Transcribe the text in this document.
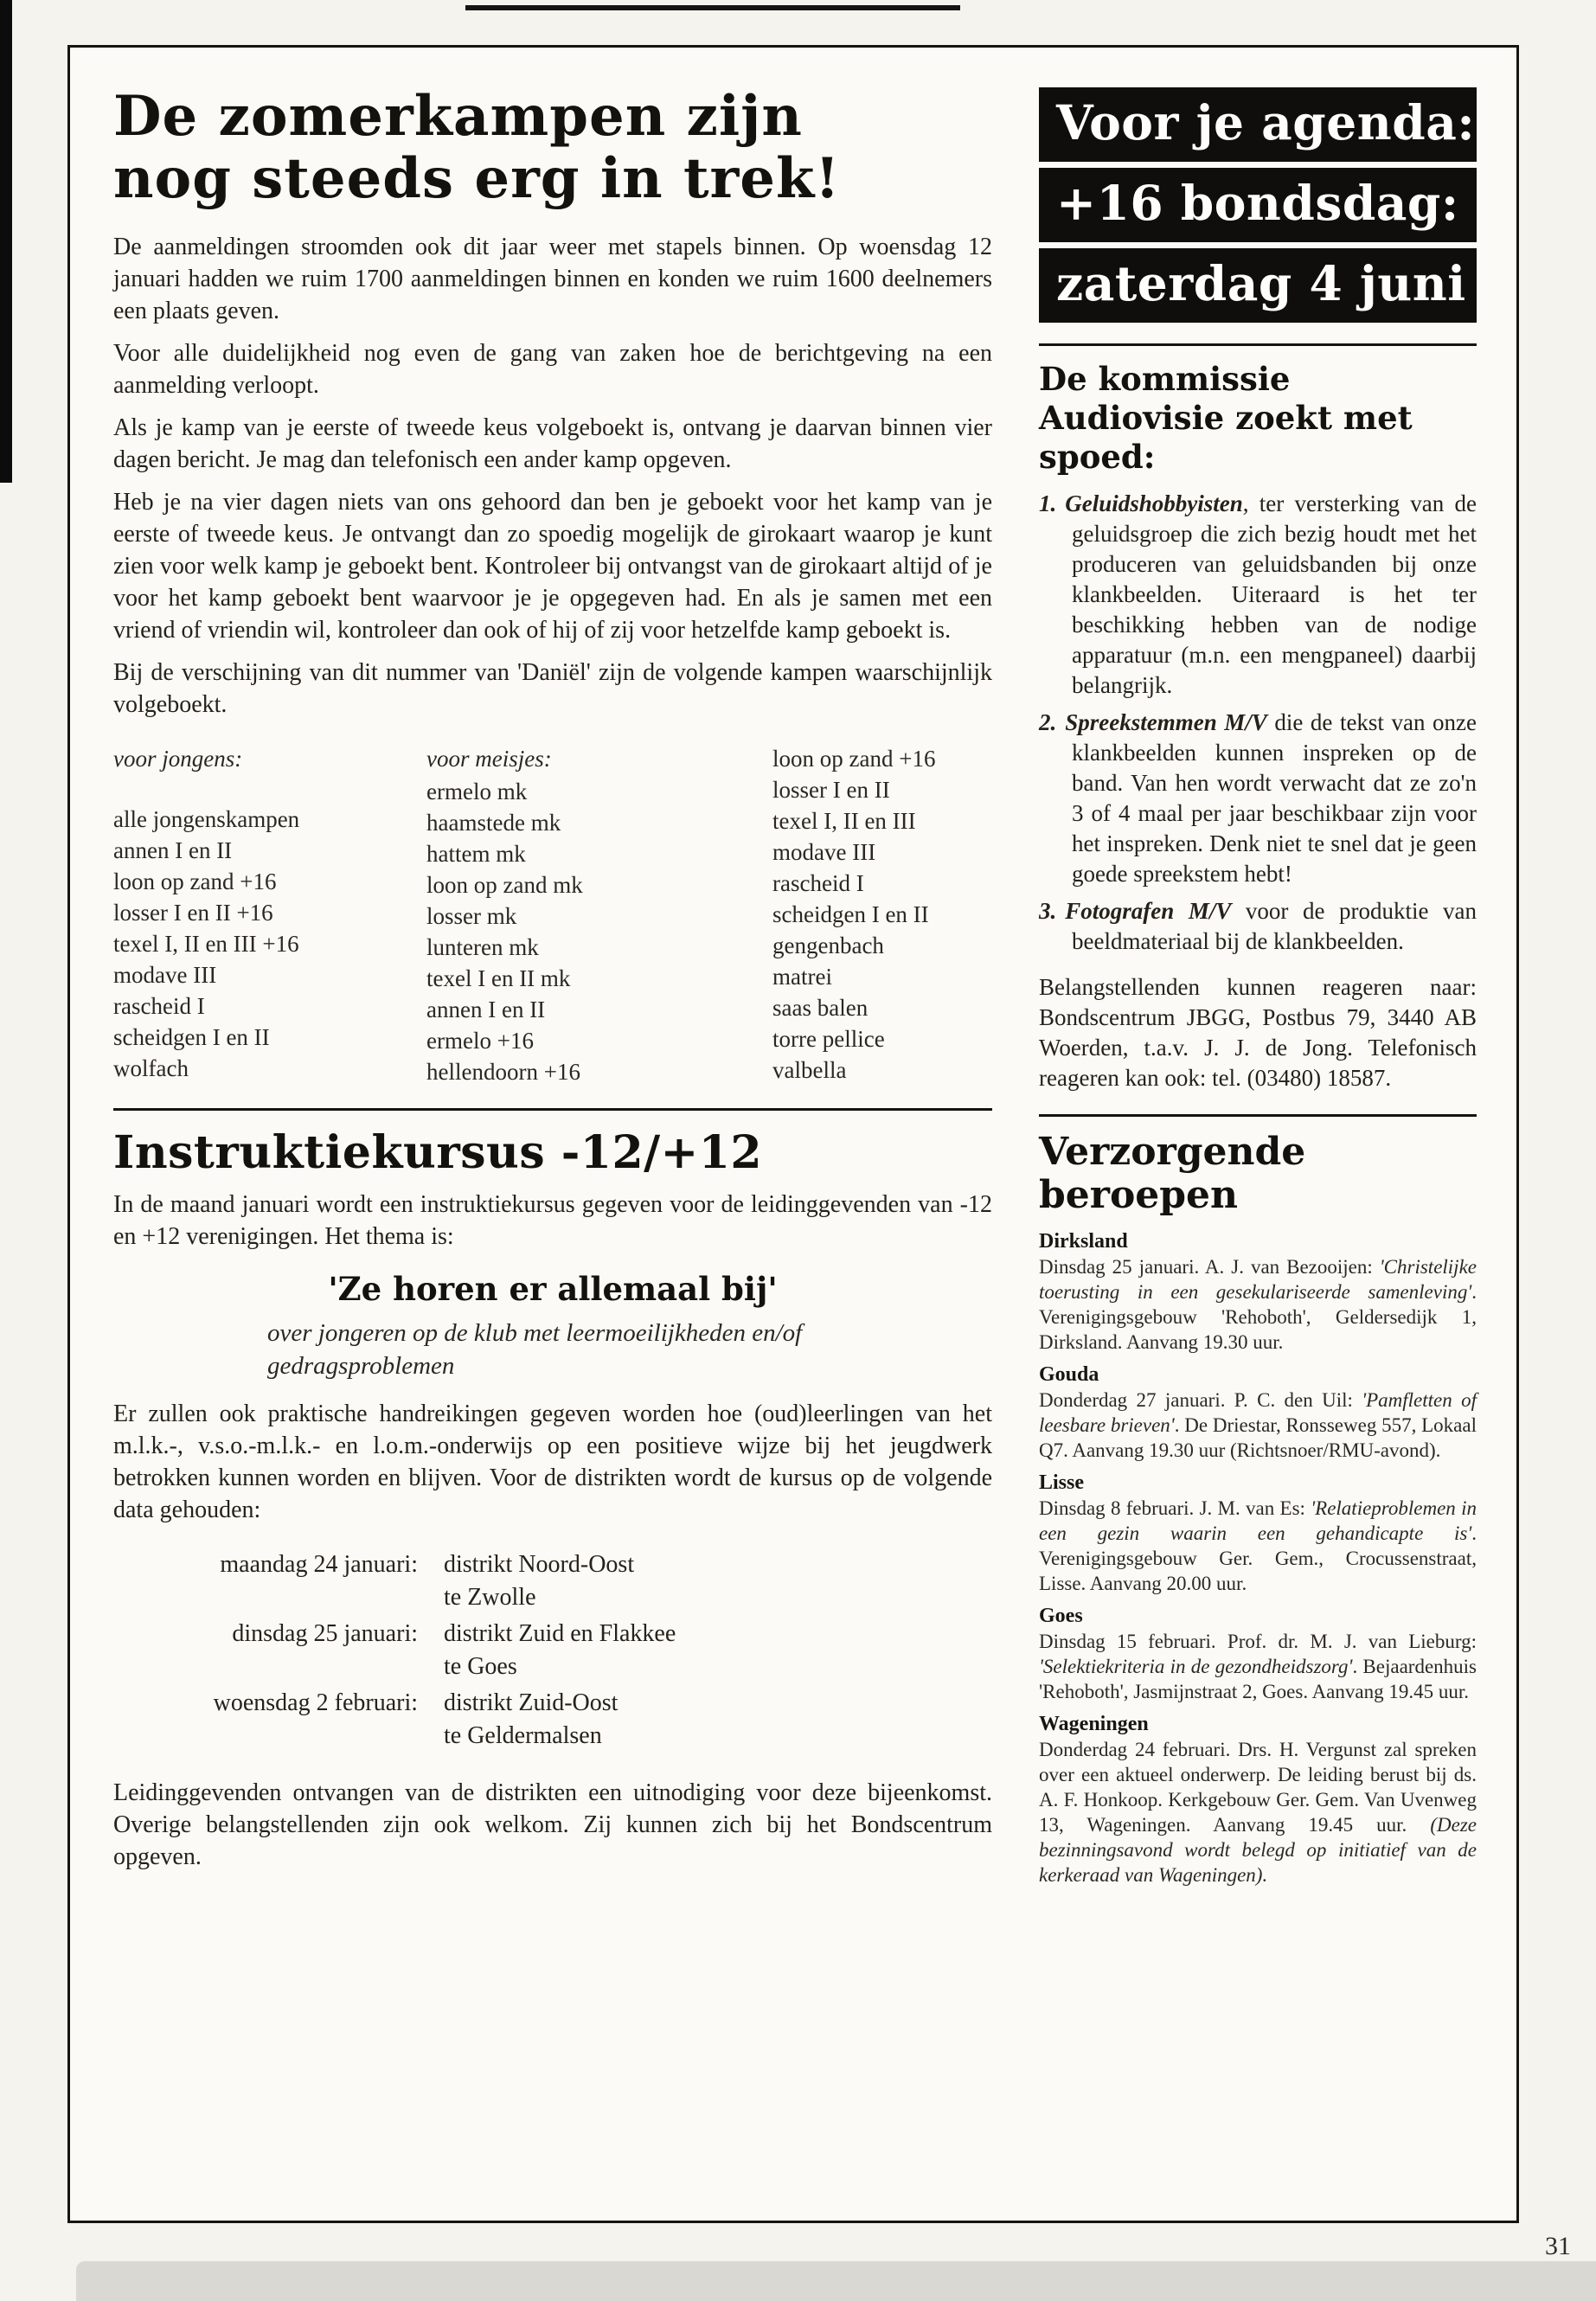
De zomerkampen zijn
nog steeds erg in trek!

De aanmeldingen stroomden ook dit jaar weer met stapels binnen. Op woensdag 12 januari hadden we ruim 1700 aanmeldingen binnen en konden we ruim 1600 deelnemers een plaats geven.

Voor alle duidelijkheid nog even de gang van zaken hoe de berichtgeving na een aanmelding verloopt.

Als je kamp van je eerste of tweede keus volgeboekt is, ontvang je daarvan binnen vier dagen bericht. Je mag dan telefonisch een ander kamp opgeven.

Heb je na vier dagen niets van ons gehoord dan ben je geboekt voor het kamp van je eerste of tweede keus. Je ontvangt dan zo spoedig mogelijk de girokaart waarop je kunt zien voor welk kamp je geboekt bent. Kontroleer bij ontvangst van de girokaart altijd of je voor het kamp geboekt bent waarvoor je je opgegeven had. En als je samen met een vriend of vriendin wil, kontroleer dan ook of hij of zij voor hetzelfde kamp geboekt is.

Bij de verschijning van dit nummer van 'Daniël' zijn de volgende kampen waarschijnlijk volgeboekt.

voor jongens:
alle jongenskampen
annen I en II
loon op zand +16
losser I en II +16
texel I, II en III +16
modave III
rascheid I
scheidgen I en II
wolfach
voor meisjes:
ermelo mk
haamstede mk
hattem mk
loon op zand mk
losser mk
lunteren mk
texel I en II mk
annen I en II
ermelo +16
hellendoorn +16
loon op zand +16
losser I en II
texel I, II en III
modave III
rascheid I
scheidgen I en II
gengenbach
matrei
saas balen
torre pellice
valbella
Instruktiekursus -12/+12

In de maand januari wordt een instruktiekursus gegeven voor de leidinggevenden van -12 en +12 verenigingen. Het thema is:

'Ze horen er allemaal bij'
over jongeren op de klub met leermoeilijkheden en/of gedragsproblemen

Er zullen ook praktische handreikingen gegeven worden hoe (oud)leerlingen van het m.l.k.-, v.s.o.-m.l.k.- en l.o.m.-onderwijs op een positieve wijze bij het jeugdwerk betrokken kunnen worden en blijven. Voor de distrikten wordt de kursus op de volgende data gehouden:

maandag 24 januari: distrikt Noord-Oost
te Zwolle
dinsdag 25 januari: distrikt Zuid en Flakkee
te Goes
woensdag 2 februari: distrikt Zuid-Oost
te Geldermalsen

Leidinggevenden ontvangen van de distrikten een uitnodiging voor deze bijeenkomst. Overige belangstellenden zijn ook welkom. Zij kunnen zich bij het Bondscentrum opgeven.

Voor je agenda:
+16 bondsdag:
zaterdag 4 juni
De kommissie Audiovisie zoekt met spoed:
1. Geluidshobbyisten, ter versterking van de geluidsgroep die zich bezig houdt met het produceren van geluidsbanden bij onze klankbeelden. Uiteraard is het ter beschikking hebben van de nodige apparatuur (m.n. een mengpaneel) daarbij belangrijk.
2. Spreekstemmen M/V die de tekst van onze klankbeelden kunnen inspreken op de band. Van hen wordt verwacht dat ze zo'n 3 of 4 maal per jaar beschikbaar zijn voor het inspreken. Denk niet te snel dat je geen goede spreekstem hebt!
3. Fotografen M/V voor de produktie van beeldmateriaal bij de klankbeelden.

Belangstellenden kunnen reageren naar: Bondscentrum JBGG, Postbus 79, 3440 AB Woerden, t.a.v. J. J. de Jong. Telefonisch reageren kan ook: tel. (03480) 18587.

Verzorgende beroepen
Dirksland
Dinsdag 25 januari. A. J. van Bezooijen: 'Christelijke toerusting in een gesekulariseerde samenleving'. Verenigingsgebouw 'Rehoboth', Geldersedijk 1, Dirksland. Aanvang 19.30 uur.
Gouda
Donderdag 27 januari. P. C. den Uil: 'Pamfletten of leesbare brieven'. De Driestar, Ronsseweg 557, Lokaal Q7. Aanvang 19.30 uur (Richtsnoer/RMU-avond).
Lisse
Dinsdag 8 februari. J. M. van Es: 'Relatieproblemen in een gezin waarin een gehandicapte is'. Verenigingsgebouw Ger. Gem., Crocussenstraat, Lisse. Aanvang 20.00 uur.
Goes
Dinsdag 15 februari. Prof. dr. M. J. van Lieburg: 'Selektiekriteria in de gezondheidszorg'. Bejaardenhuis 'Rehoboth', Jasmijnstraat 2, Goes. Aanvang 19.45 uur.
Wageningen
Donderdag 24 februari. Drs. H. Vergunst zal spreken over een aktueel onderwerp. De leiding berust bij ds. A. F. Honkoop. Kerkgebouw Ger. Gem. Van Uvenweg 13, Wageningen. Aanvang 19.45 uur. (Deze bezinningsavond wordt belegd op initiatief van de kerkeraad van Wageningen).
31
